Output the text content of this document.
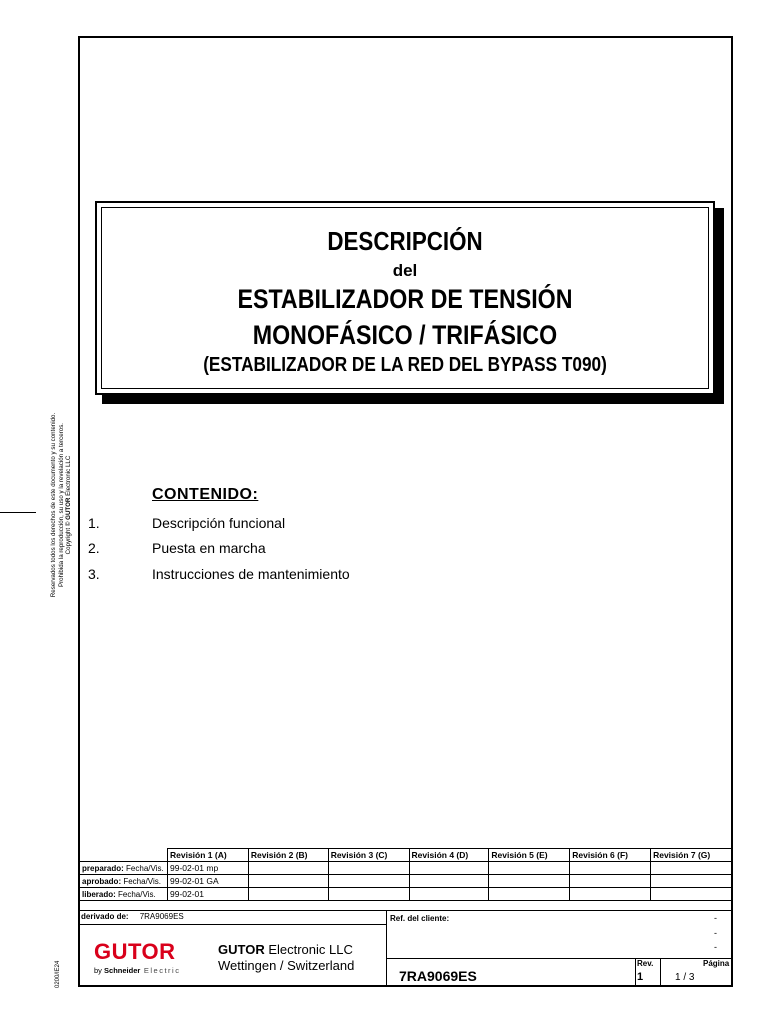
Reservados todos los derechos de este documento y su contenido. Prohibida la reproducción, su uso y la revelación a terceros. Copyright © GUTOR Electronic LLC
0200/IE24
DESCRIPCIÓN
del
ESTABILIZADOR DE TENSIÓN
MONOFÁSICO / TRIFÁSICO
(ESTABILIZADOR DE LA RED DEL BYPASS T090)
CONTENIDO:
1.	Descripción funcional
2.	Puesta en marcha
3.	Instrucciones de mantenimiento
	Revisión 1 (A)	Revisión 2 (B)	Revisión 3 (C)	Revisión 4 (D)	Revisión 5 (E)	Revisión 6 (F)	Revisión 7 (G)
preparado: Fecha/Vis.	99-02-01 mp						
aprobado: Fecha/Vis.	99-02-01 GA						
liberado: Fecha/Vis.	99-02-01						
derivado de: 7RA9069ES	Ref. del cliente:	-
-
-
7RA9069ES
Rev.
1
Página
1 / 3
GUTOR
by Schneider Electric
GUTOR Electronic LLC
Wettingen / Switzerland
